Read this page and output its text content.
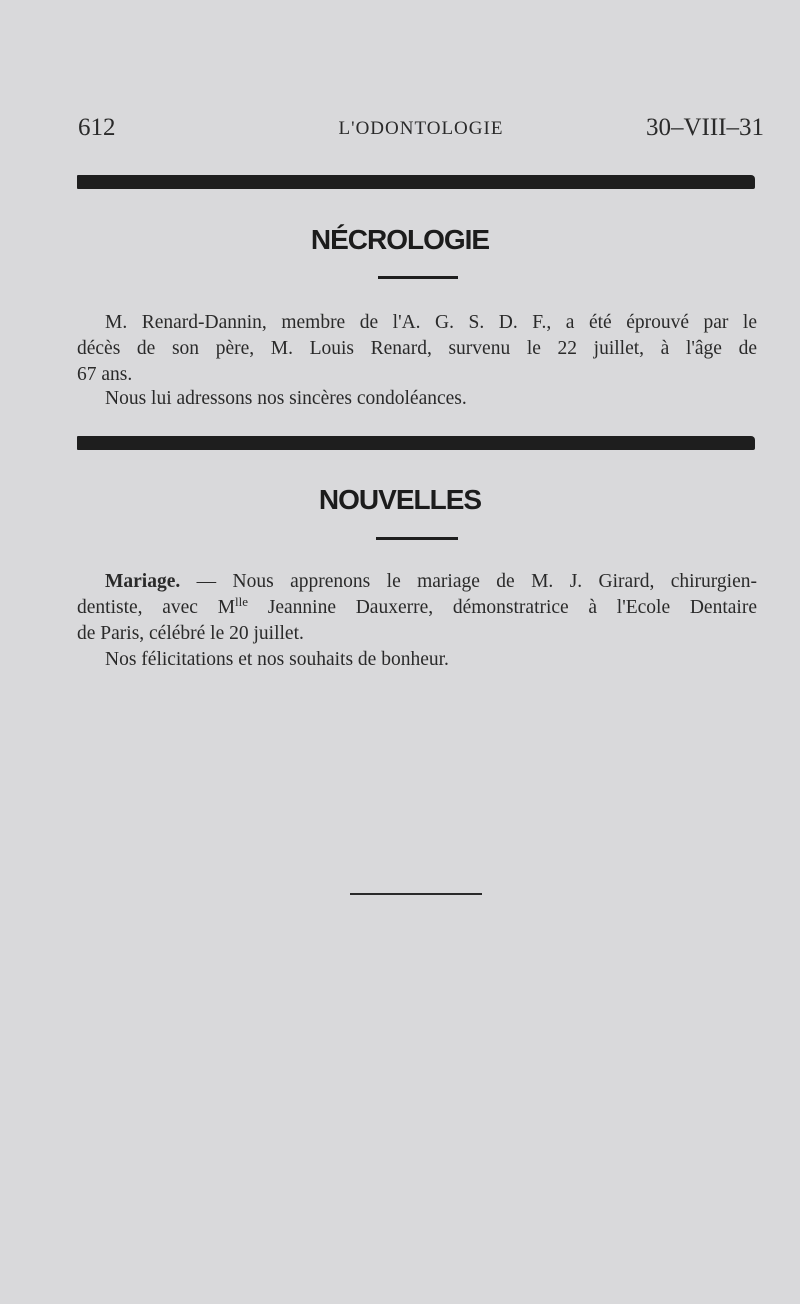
612	L'ODONTOLOGIE	30–VIII–31
NÉCROLOGIE
M. Renard-Dannin, membre de l'A. G. S. D. F., a été éprouvé par le
décès de son père, M. Louis Renard, survenu le 22 juillet, à l'âge de
67 ans.
Nous lui adressons nos sincères condoléances.
NOUVELLES
Mariage. — Nous apprenons le mariage de M. J. Girard, chirurgien-
dentiste, avec $M^{lle}$ Jeannine Dauxerre, démonstratrice à l'Ecole Dentaire
de Paris, célébré le 20 juillet.
Nos félicitations et nos souhaits de bonheur.
